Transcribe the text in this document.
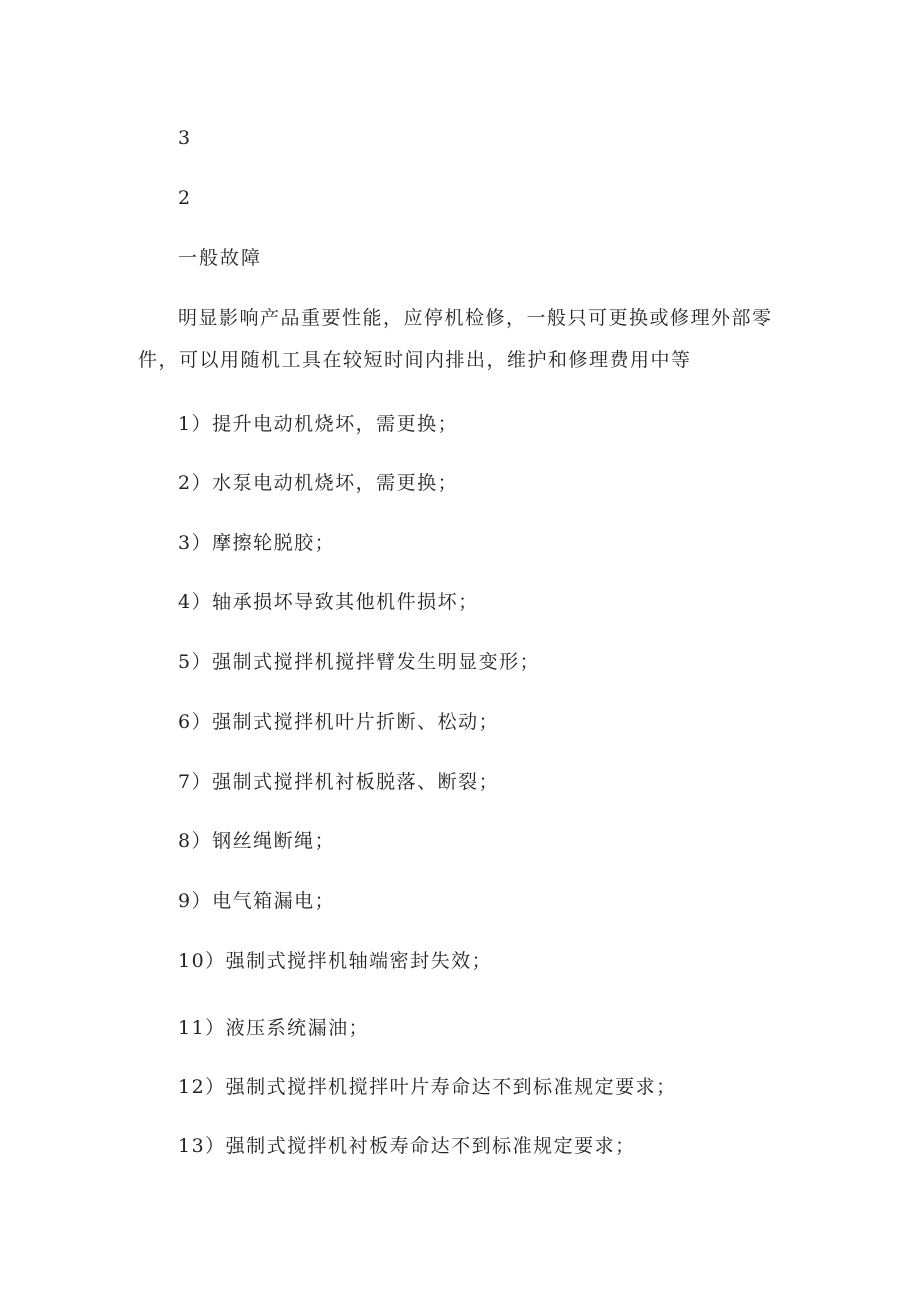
3
2
一般故障
明显影响产品重要性能，应停机检修，一般只可更换或修理外部零
件，可以用随机工具在较短时间内排出，维护和修理费用中等
1）提升电动机烧坏，需更换；
2）水泵电动机烧坏，需更换；
3）摩擦轮脱胶；
4）轴承损坏导致其他机件损坏；
5）强制式搅拌机搅拌臂发生明显变形；
6）强制式搅拌机叶片折断、松动；
7）强制式搅拌机衬板脱落、断裂；
8）钢丝绳断绳；
9）电气箱漏电；
10）强制式搅拌机轴端密封失效；
11）液压系统漏油；
12）强制式搅拌机搅拌叶片寿命达不到标准规定要求；
13）强制式搅拌机衬板寿命达不到标准规定要求；
